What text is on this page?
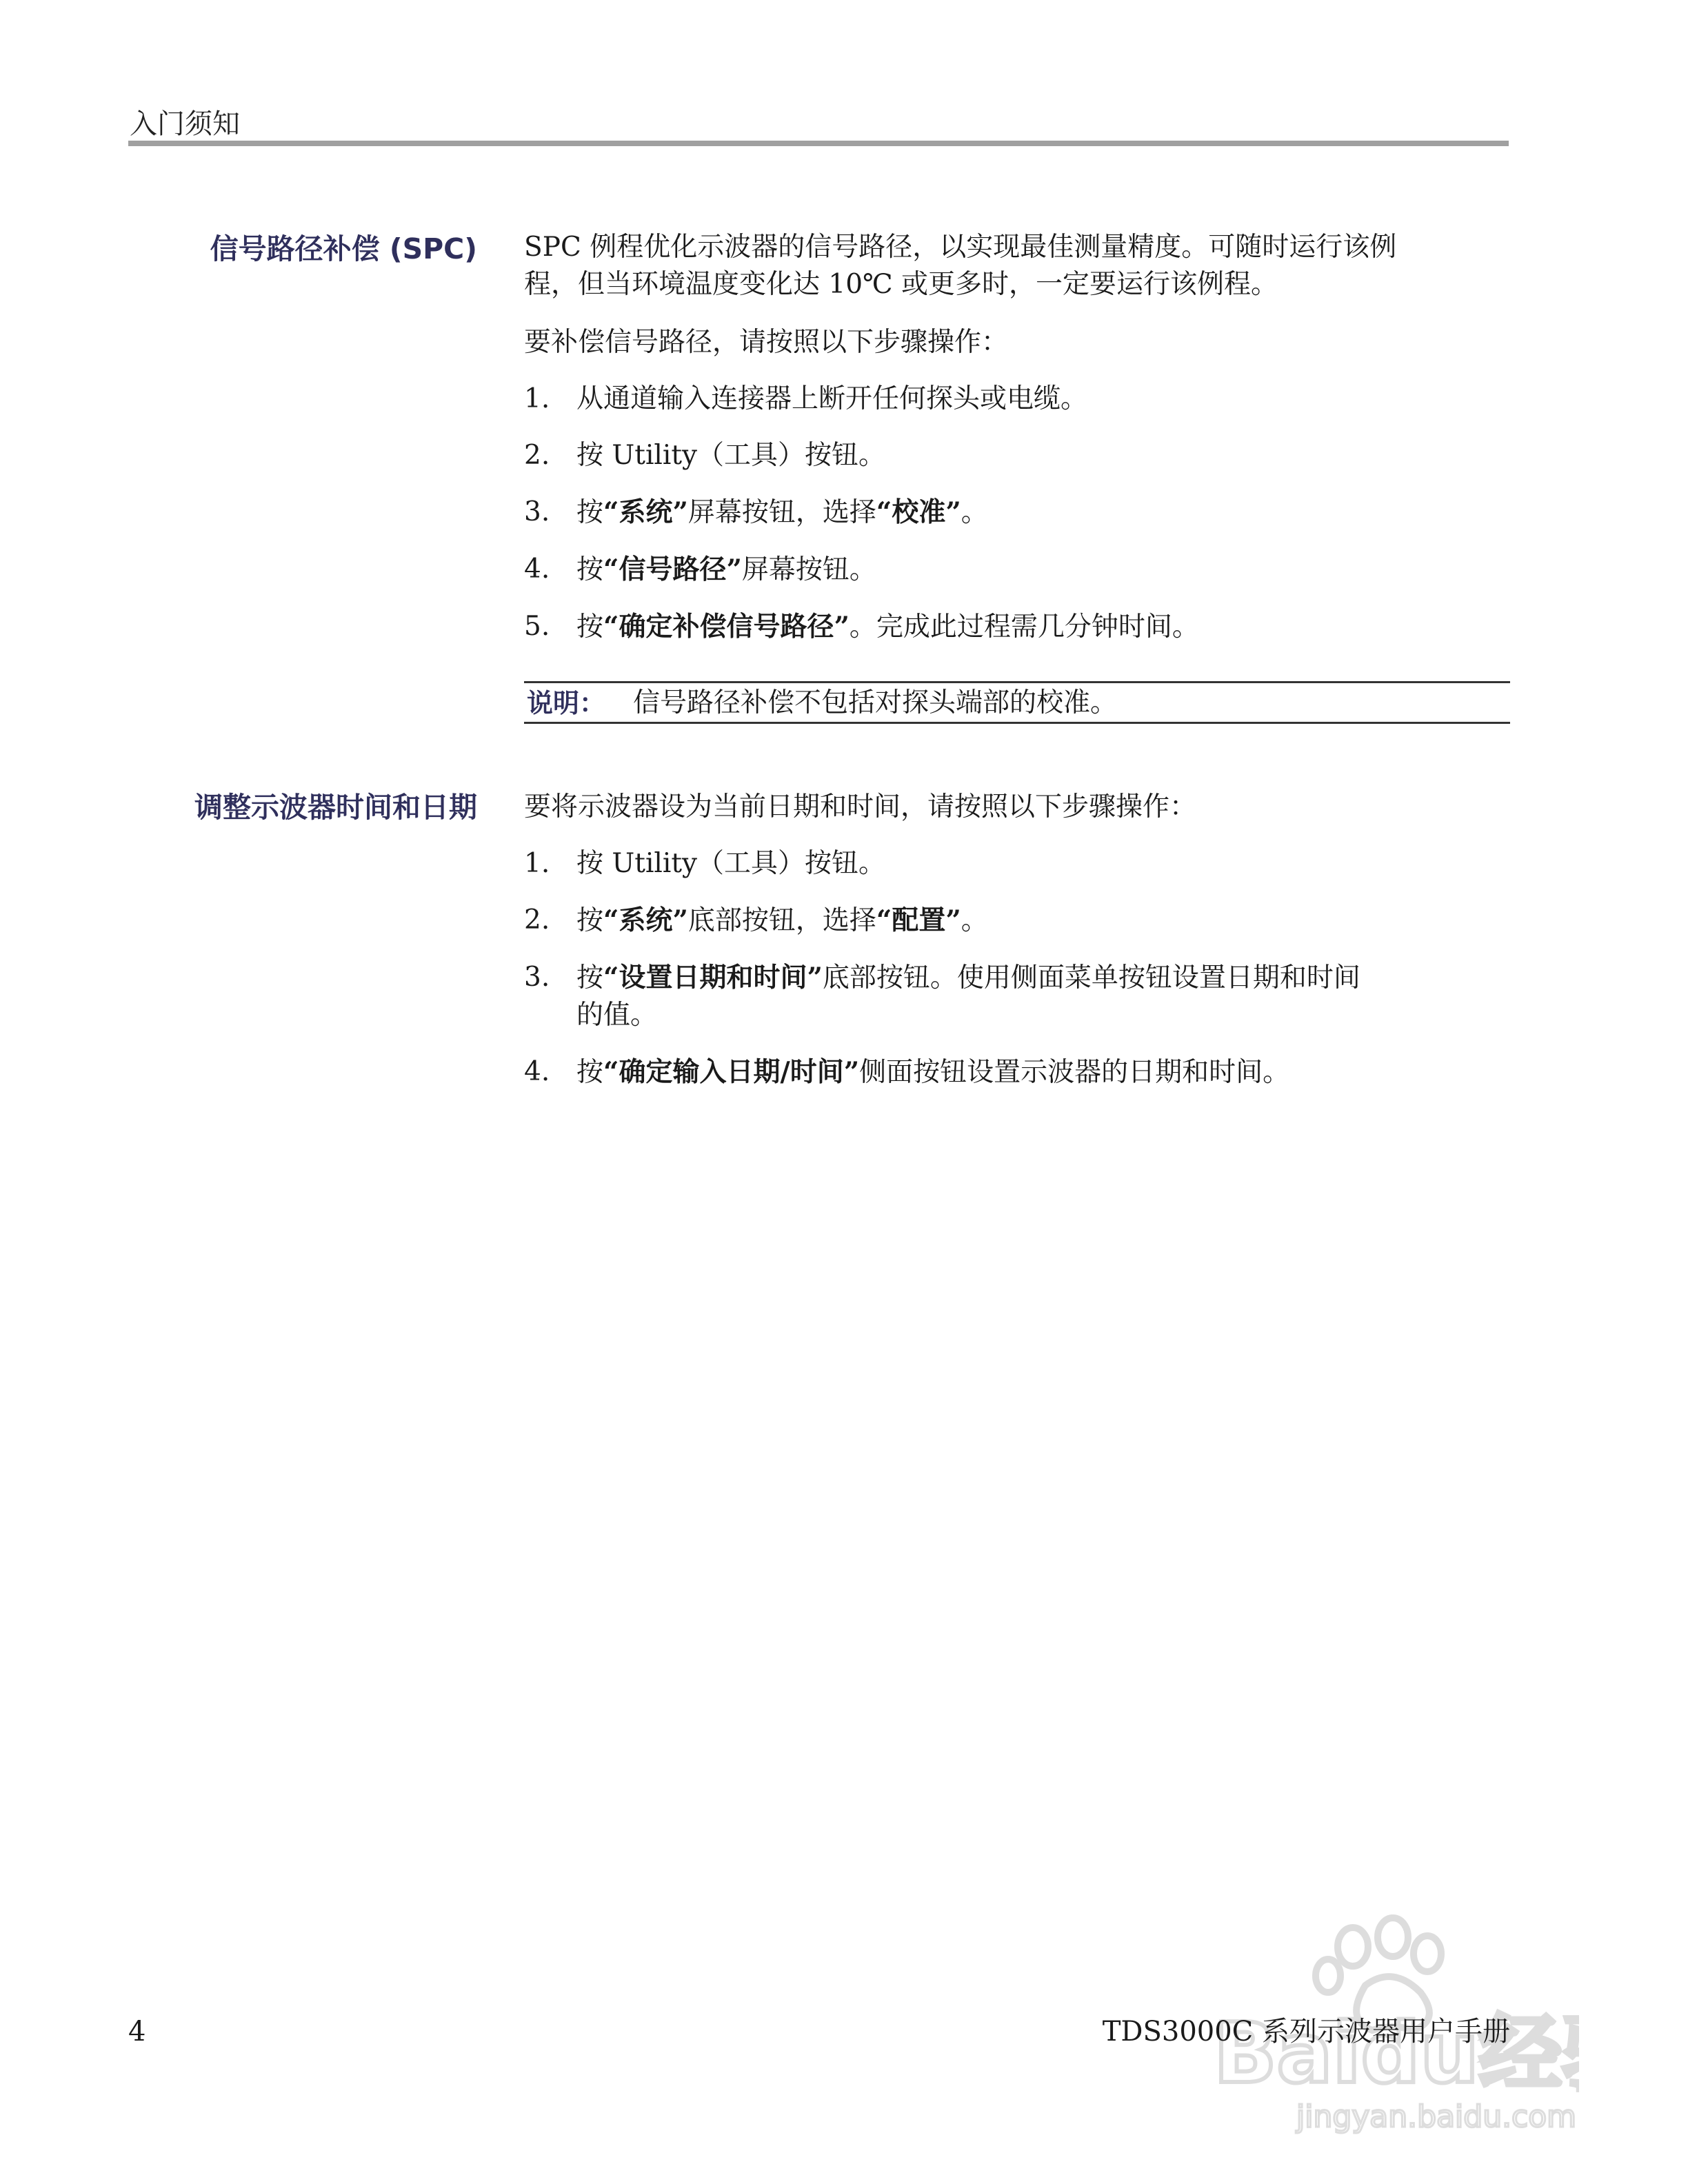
入门须知
信号路径补偿 (SPC) SPC 例程优化示波器的信号路径，以实现最佳测量精度。可随时运行该例

程，但当环境温度变化达 10℃ 或更多时，一定要运行该例程。

要补偿信号路径，请按照以下步骤操作：

1. 从通道输入连接器上断开任何探头或电缆。

2. 按 Utility（工具）按钮。

3. 按“系统”屏幕按钮，选择“校准”。

4. 按“信号路径”屏幕按钮。

5. 按“确定补偿信号路径”。完成此过程需几分钟时间。

说明： 信号路径补偿不包括对探头端部的校准。
调整示波器时间和日期 要将示波器设为当前日期和时间，请按照以下步骤操作：

1. 按 Utility（工具）按钮。

2. 按“系统”底部按钮，选择“配置”。

3. 按“设置日期和时间”底部按钮。使用侧面菜单按钮设置日期和时间
的值。

4. 按“确定输入日期/时间”侧面按钮设置示波器的日期和时间。

Baidu经
jingyan.baidu.com
4	TDS3000C 系列示波器用户手册
